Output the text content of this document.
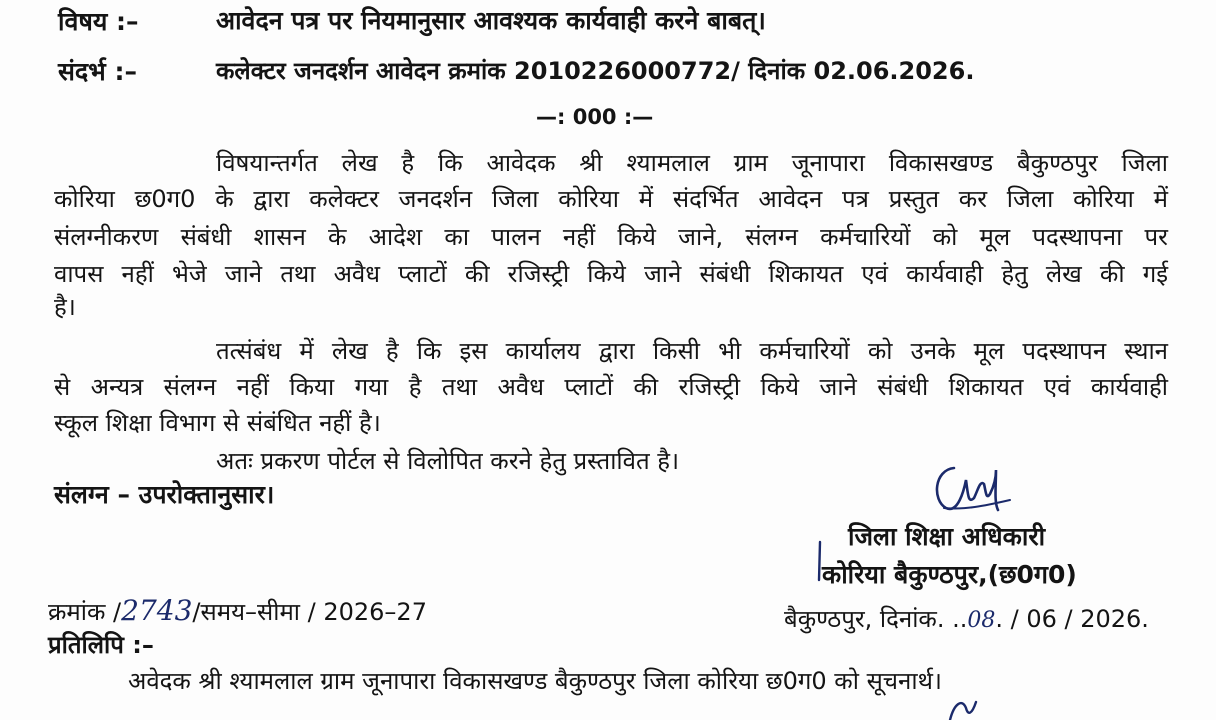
विषय :–	आवेदन पत्र पर नियमानुसार आवश्यक कार्यवाही करने बाबत्।
संदर्भ :–	कलेक्टर जनदर्शन आवेदन क्रमांक 2010226000772/ दिनांक 02.06.2026.
—: 000 :—
विषयान्तर्गत लेख है कि आवेदक श्री श्यामलाल ग्राम जूनापारा विकासखण्ड बैकुण्ठपुर जिला
कोरिया छ0ग0 के द्वारा कलेक्टर जनदर्शन जिला कोरिया में संदर्भित आवेदन पत्र प्रस्तुत कर जिला कोरिया में
संलग्नीकरण संबंधी शासन के आदेश का पालन नहीं किये जाने, संलग्न कर्मचारियों को मूल पदस्थापना पर
वापस नहीं भेजे जाने तथा अवैध प्लाटों की रजिस्ट्री किये जाने संबंधी शिकायत एवं कार्यवाही हेतु लेख की गई
है।
तत्संबंध में लेख है कि इस कार्यालय द्वारा किसी भी कर्मचारियों को उनके मूल पदस्थापन स्थान
से अन्यत्र संलग्न नहीं किया गया है तथा अवैध प्लाटों की रजिस्ट्री किये जाने संबंधी शिकायत एवं कार्यवाही
स्कूल शिक्षा विभाग से संबंधित नहीं है।
अतः प्रकरण पोर्टल से विलोपित करने हेतु प्रस्तावित है।
संलग्न – उपरोक्तानुसार।
जिला शिक्षा अधिकारी
कोरिया बैकुण्ठपुर,(छ0ग0)
क्रमांक /2743/समय–सीमा / 2026–27	बैकुण्ठपुर, दिनांक. ..08. / 06 / 2026.
प्रतिलिपि :–
अवेदक श्री श्यामलाल ग्राम जूनापारा विकासखण्ड बैकुण्ठपुर जिला कोरिया छ0ग0 को सूचनार्थ।
